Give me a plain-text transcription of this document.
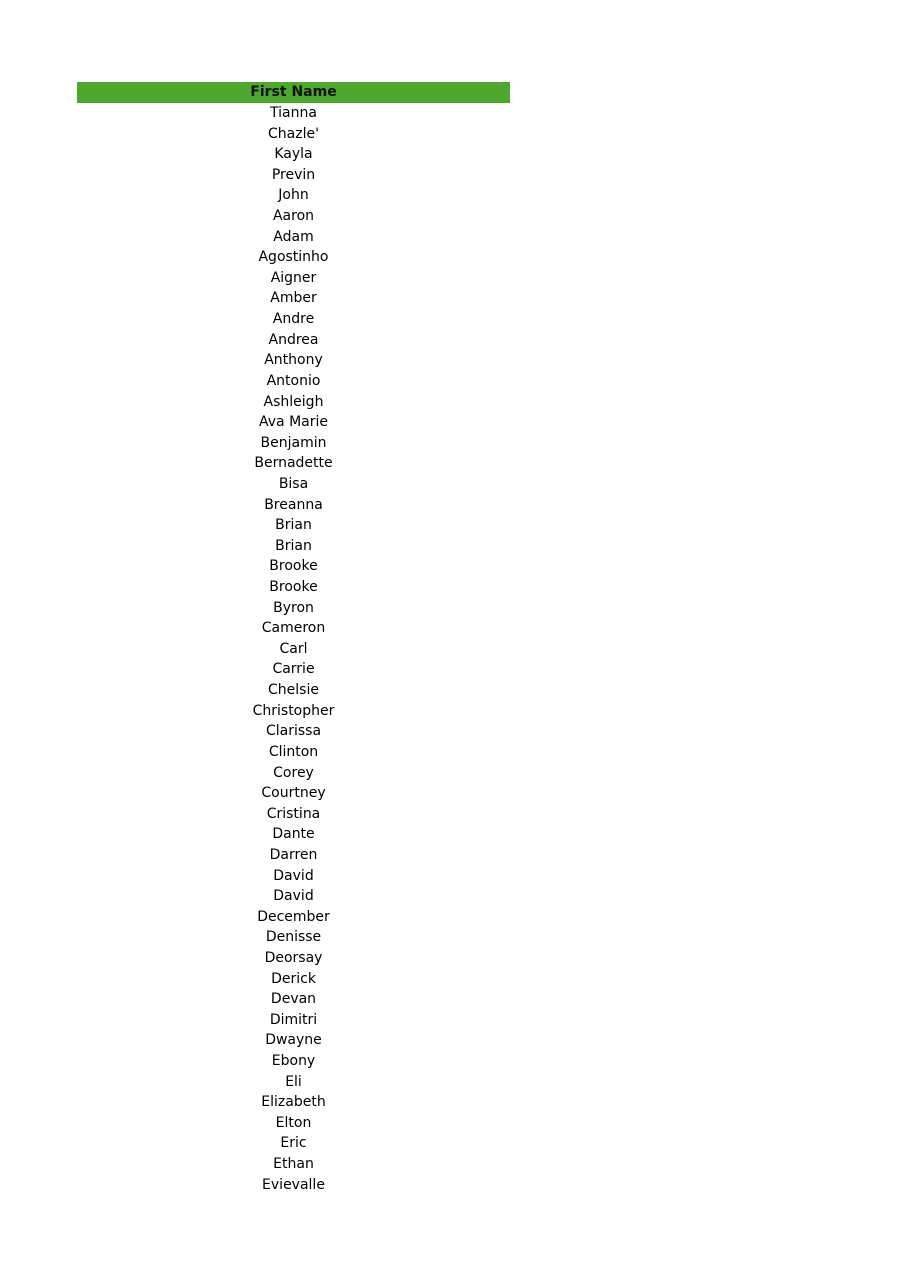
First Name
Tianna
Chazle'
Kayla
Previn
John
Aaron
Adam
Agostinho
Aigner
Amber
Andre
Andrea
Anthony
Antonio
Ashleigh
Ava Marie
Benjamin
Bernadette
Bisa
Breanna
Brian
Brian
Brooke
Brooke
Byron
Cameron
Carl
Carrie
Chelsie
Christopher
Clarissa
Clinton
Corey
Courtney
Cristina
Dante
Darren
David
David
December
Denisse
Deorsay
Derick
Devan
Dimitri
Dwayne
Ebony
Eli
Elizabeth
Elton
Eric
Ethan
Evievalle
